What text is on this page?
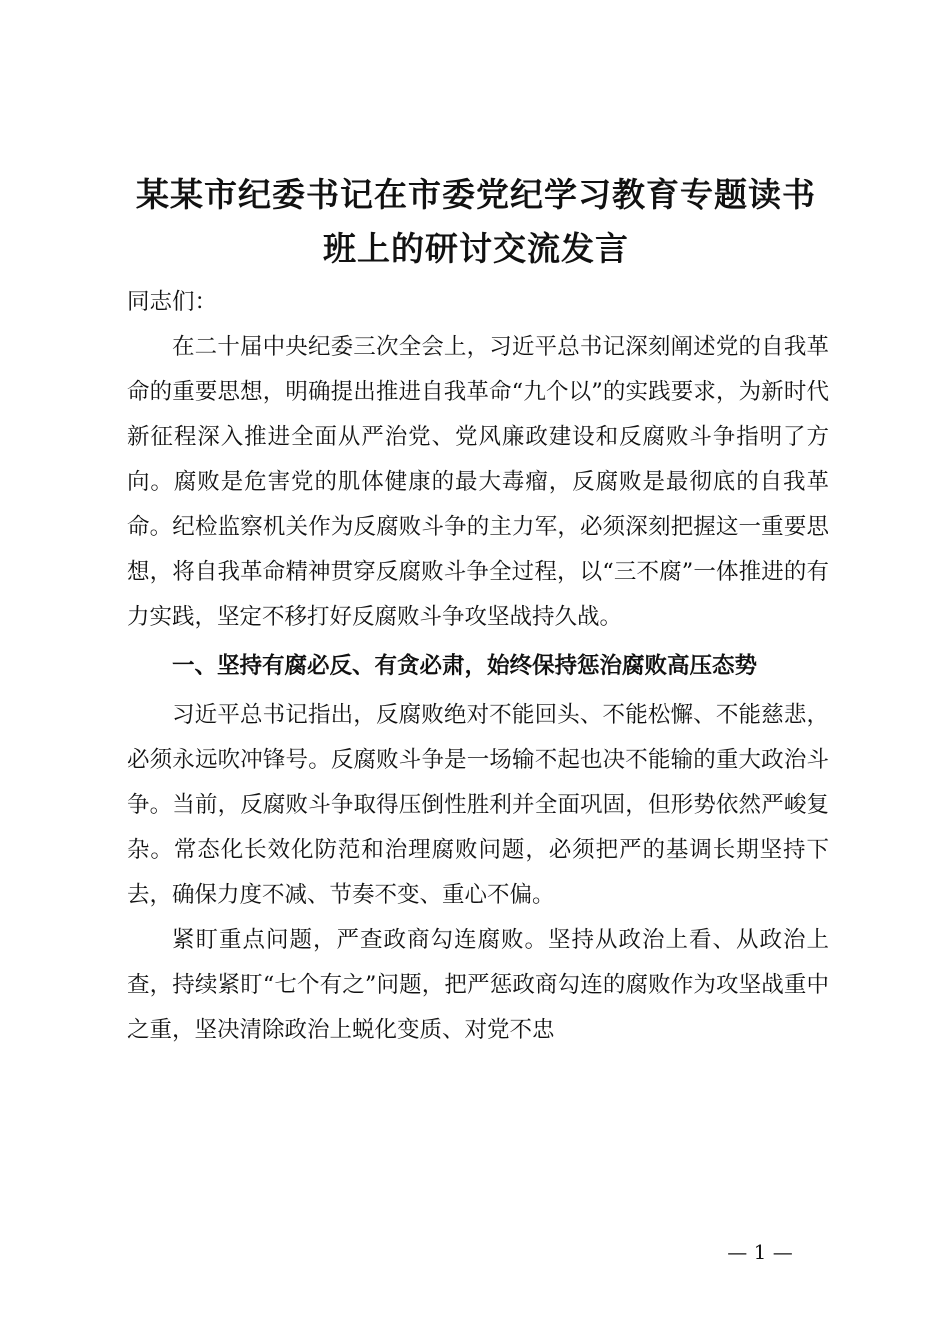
某某市纪委书记在市委党纪学习教育专题读书
班上的研讨交流发言

同志们：

在二十届中央纪委三次全会上，习近平总书记深刻阐述党的自我革命的重要思想，明确提出推进自我革命“九个以”的实践要求，为新时代新征程深入推进全面从严治党、党风廉政建设和反腐败斗争指明了方向。腐败是危害党的肌体健康的最大毒瘤，反腐败是最彻底的自我革命。纪检监察机关作为反腐败斗争的主力军，必须深刻把握这一重要思想，将自我革命精神贯穿反腐败斗争全过程，以“三不腐”一体推进的有力实践，坚定不移打好反腐败斗争攻坚战持久战。

一、坚持有腐必反、有贪必肃，始终保持惩治腐败高压态势

习近平总书记指出，反腐败绝对不能回头、不能松懈、不能慈悲，必须永远吹冲锋号。反腐败斗争是一场输不起也决不能输的重大政治斗争。当前，反腐败斗争取得压倒性胜利并全面巩固，但形势依然严峻复杂。常态化长效化防范和治理腐败问题，必须把严的基调长期坚持下去，确保力度不减、节奏不变、重心不偏。

紧盯重点问题，严查政商勾连腐败。坚持从政治上看、从政治上查，持续紧盯“七个有之”问题，把严惩政商勾连的腐败作为攻坚战重中之重，坚决清除政治上蜕化变质、对党不忠

— 1 —
